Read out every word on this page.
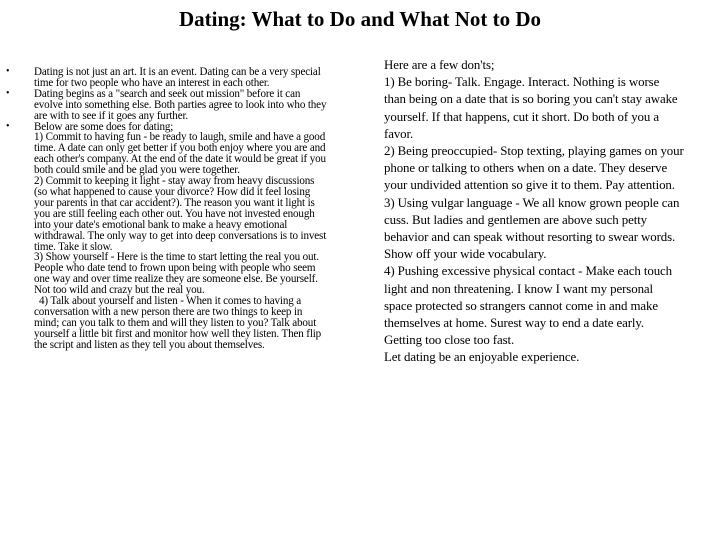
Dating: What to Do and What Not to Do
•	Dating is not just an art. It is an event. Dating can be a very special time for two people who have an interest in each other.
•	Dating begins as a "search and seek out mission" before it can evolve into something else. Both parties agree to look into who they are with to see if it goes any further.
•	Below are some does for dating;
1) Commit to having fun - be ready to laugh, smile and have a good time. A date can only get better if you both enjoy where you are and each other's company. At the end of the date it would be great if you both could smile and be glad you were together.
2) Commit to keeping it light - stay away from heavy discussions (so what happened to cause your divorce? How did it feel losing your parents in that car accident?). The reason you want it light is you are still feeling each other out. You have not invested enough into your date's emotional bank to make a heavy emotional withdrawal. The only way to get into deep conversations is to invest time. Take it slow.
3) Show yourself - Here is the time to start letting the real you out. People who date tend to frown upon being with people who seem one way and over time realize they are someone else. Be yourself. Not too wild and crazy but the real you.
4) Talk about yourself and listen - When it comes to having a conversation with a new person there are two things to keep in mind; can you talk to them and will they listen to you? Talk about yourself a little bit first and monitor how well they listen. Then flip the script and listen as they tell you about themselves.
Here are a few don'ts;
1) Be boring- Talk. Engage. Interact. Nothing is worse than being on a date that is so boring you can't stay awake yourself. If that happens, cut it short. Do both of you a favor.
2) Being preoccupied- Stop texting, playing games on your phone or talking to others when on a date. They deserve your undivided attention so give it to them. Pay attention.
3) Using vulgar language - We all know grown people can cuss. But ladies and gentlemen are above such petty behavior and can speak without resorting to swear words. Show off your wide vocabulary.
4) Pushing excessive physical contact - Make each touch light and non threatening. I know I want my personal space protected so strangers cannot come in and make themselves at home. Surest way to end a date early. Getting too close too fast.
Let dating be an enjoyable experience.
